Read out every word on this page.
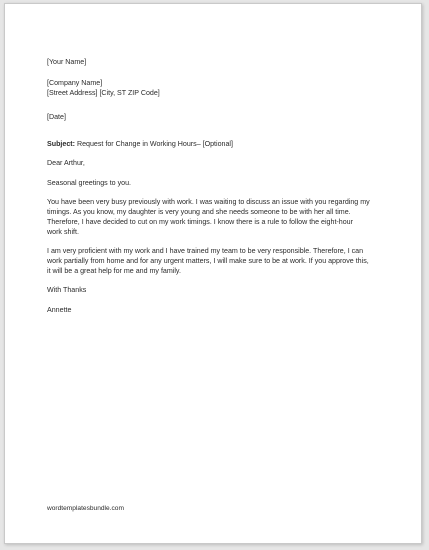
[Your Name]
[Company Name]
[Street Address] [City, ST ZIP Code]
[Date]
Subject: Request for Change in Working Hours– [Optional]
Dear Arthur,
Seasonal greetings to you.
You have been very busy previously with work. I was waiting to discuss an issue with you regarding my
timings. As you know, my daughter is very young and she needs someone to be with her all time.
Therefore, I have decided to cut on my work timings. I know there is a rule to follow the eight-hour
work shift.
I am very proficient with my work and I have trained my team to be very responsible. Therefore, I can
work partially from home and for any urgent matters, I will make sure to be at work. If you approve this,
it will be a great help for me and my family.
With Thanks
Annette
wordtemplatesbundle.com
